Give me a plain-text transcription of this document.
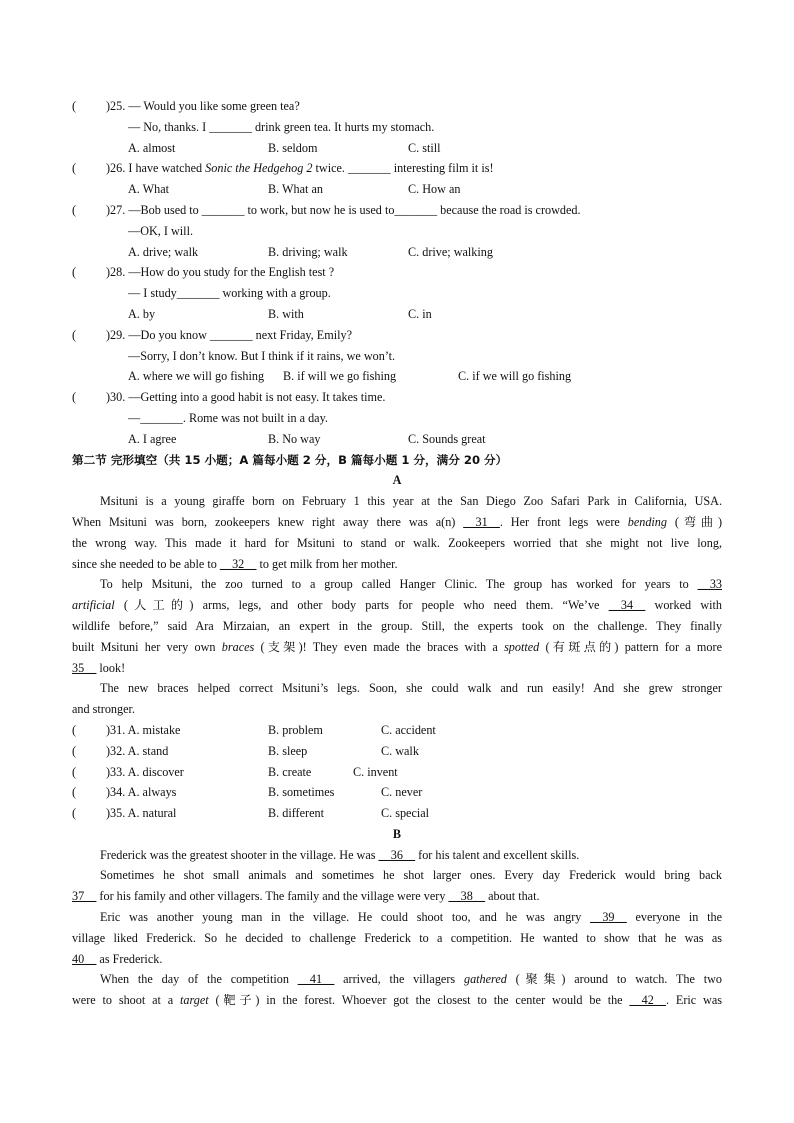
(	)25. — Would you like some green tea?
— No, thanks. I _______ drink green tea. It hurts my stomach.
A. almost	B. seldom	C. still
(	)26. I have watched Sonic the Hedgehog 2 twice. _______ interesting film it is!
A. What	B. What an	C. How an
(	)27. —Bob used to _______ to work, but now he is used to_______ because the road is crowded.
—OK, I will.
A. drive; walk	B. driving; walk	C. drive; walking
(	)28. —How do you study for the English test ?
— I study_______ working with a group.
A. by	B. with	C. in
(	)29. —Do you know _______ next Friday, Emily?
—Sorry, I don’t know. But I think if it rains, we won’t.
A. where we will go fishing	B. if will we go fishing	C. if we will go fishing
(	)30. —Getting into a good habit is not easy. It takes time.
—_______. Rome was not built in a day.
A. I agree	B. No way	C. Sounds great
第二节 完形填空（共 15 小题；A 篇每小题 2 分，B 篇每小题 1 分，满分 20 分）
A
Msituni is a young giraffe born on February 1 this year at the San Diego Zoo Safari Park in California, USA.
When Msituni was born, zookeepers knew right away there was a(n) __31__. Her front legs were bending (弯曲)
the wrong way. This made it hard for Msituni to stand or walk. Zookeepers worried that she might not live long,
since she needed to be able to __32__ to get milk from her mother.
To help Msituni, the zoo turned to a group called Hanger Clinic. The group has worked for years to __33
artificial (人工的) arms, legs, and other body parts for people who need them. “We’ve __34__ worked with
wildlife before,” said Ara Mirzaian, an expert in the group. Still, the experts took on the challenge. They finally
built Msituni her very own braces (支架)! They even made the braces with a spotted (有斑点的) pattern for a more
35__ look!
The new braces helped correct Msituni’s legs. Soon, she could walk and run easily! And she grew stronger
and stronger.
(	)31. A. mistake	B. problem	C. accident
(	)32. A. stand	B. sleep	C. walk
(	)33. A. discover	B. create	C. invent
(	)34. A. always	B. sometimes	C. never
(	)35. A. natural	B. different	C. special
B
Frederick was the greatest shooter in the village. He was __36__ for his talent and excellent skills.
Sometimes he shot small animals and sometimes he shot larger ones. Every day Frederick would bring back
37__ for his family and other villagers. The family and the village were very __38__ about that.
Eric was another young man in the village. He could shoot too, and he was angry __39__ everyone in the
village liked Frederick. So he decided to challenge Frederick to a competition. He wanted to show that he was as
40__ as Frederick.
When the day of the competition __41__ arrived, the villagers gathered (聚集) around to watch. The two
were to shoot at a target (靶子) in the forest. Whoever got the closest to the center would be the __42__. Eric was
